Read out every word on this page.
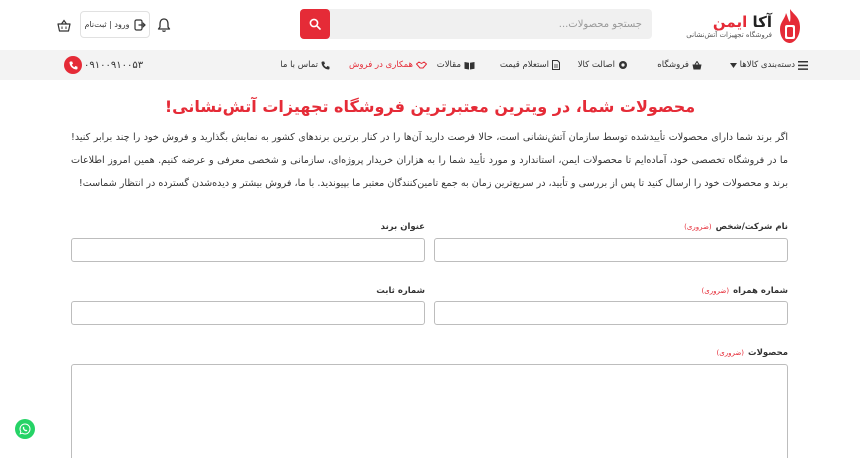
آکا ایمن
فروشگاه تجهیزات آتش‌نشانی
جستجو محصولات...
ورود | ثبت‌نام
دسته‌بندی کالاها
فروشگاه
اصالت کالا
استعلام قیمت
مقالات
همکاری در فروش
تماس با ما
۰۹۱۰۰۹۱۰۰۵۳
محصولات شما، در ویترین معتبرترین فروشگاه تجهیزات آتش‌نشانی!

اگر برند شما دارای محصولات تأییدشده توسط سازمان آتش‌نشانی است، حالا فرصت دارید آن‌ها را در کنار برترین برندهای کشور به نمایش بگذارید و فروش خود را چند برابر کنید! ما در فروشگاه تخصصی خود، آماده‌ایم تا محصولات ایمن، استاندارد و مورد تأیید شما را به هزاران خریدار پروژه‌ای، سازمانی و شخصی معرفی و عرضه کنیم. همین امروز اطلاعات برند و محصولات خود را ارسال کنید تا پس از بررسی و تأیید، در سریع‌ترین زمان به جمع تامین‌کنندگان معتبر ما بپیوندید. با ما، فروش بیشتر و دیده‌شدن گسترده در انتظار شماست!

نام شرکت/شخص(ضروری)
عنوان برند
شماره همراه(ضروری)
شماره ثابت
محصولات(ضروری)
